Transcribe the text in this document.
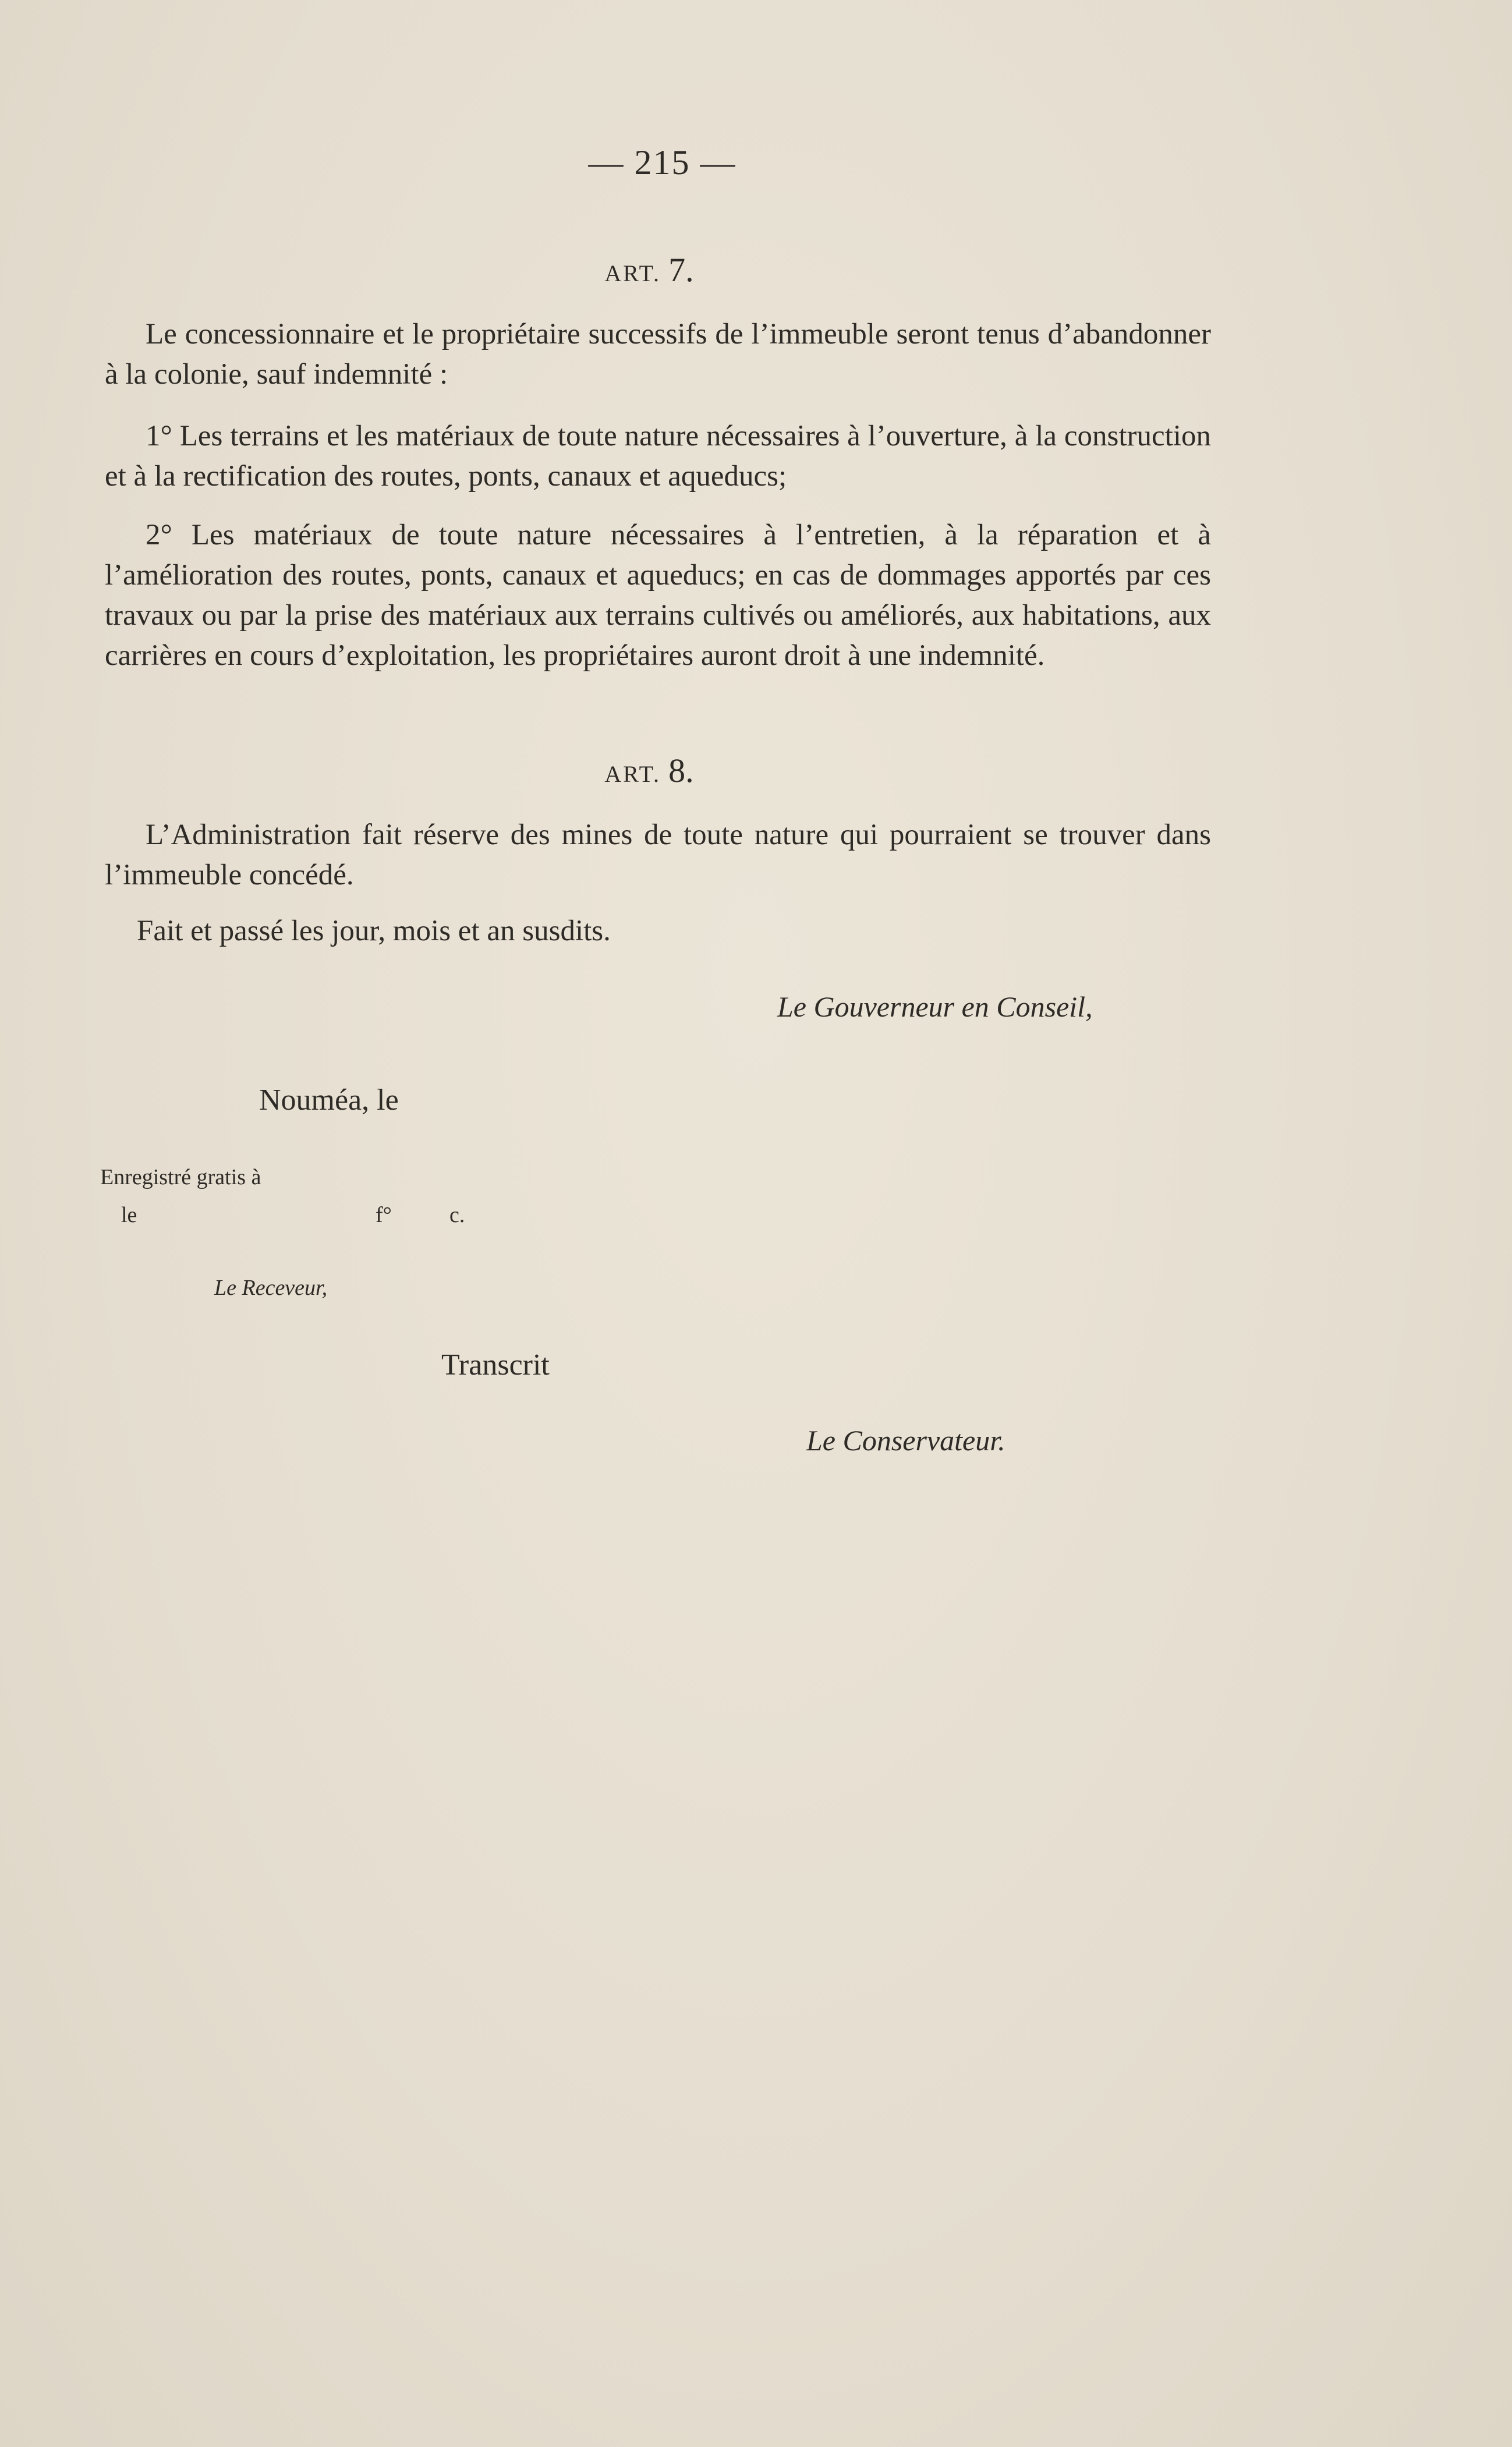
— 215 —
ART. 7.

Le concessionnaire et le propriétaire successifs de l’immeuble seront tenus d’abandonner à la colonie, sauf indemnité :

1° Les terrains et les matériaux de toute nature nécessaires à l’ouverture, à la construction et à la rectification des routes, ponts, canaux et aqueducs;

2° Les matériaux de toute nature nécessaires à l’entretien, à la réparation et à l’amélioration des routes, ponts, canaux et aqueducs; en cas de dommages apportés par ces travaux ou par la prise des matériaux aux terrains cultivés ou améliorés, aux habitations, aux carrières en cours d’exploitation, les propriétaires auront droit à une indemnité.

ART. 8.

L’Administration fait réserve des mines de toute nature qui pourraient se trouver dans l’immeuble concédé.

Fait et passé les jour, mois et an susdits.

Le Gouverneur en Conseil,
Nouméa, le
Enregistré gratis à
le	f°	c.
Le Receveur,
Transcrit
Le Conservateur.
